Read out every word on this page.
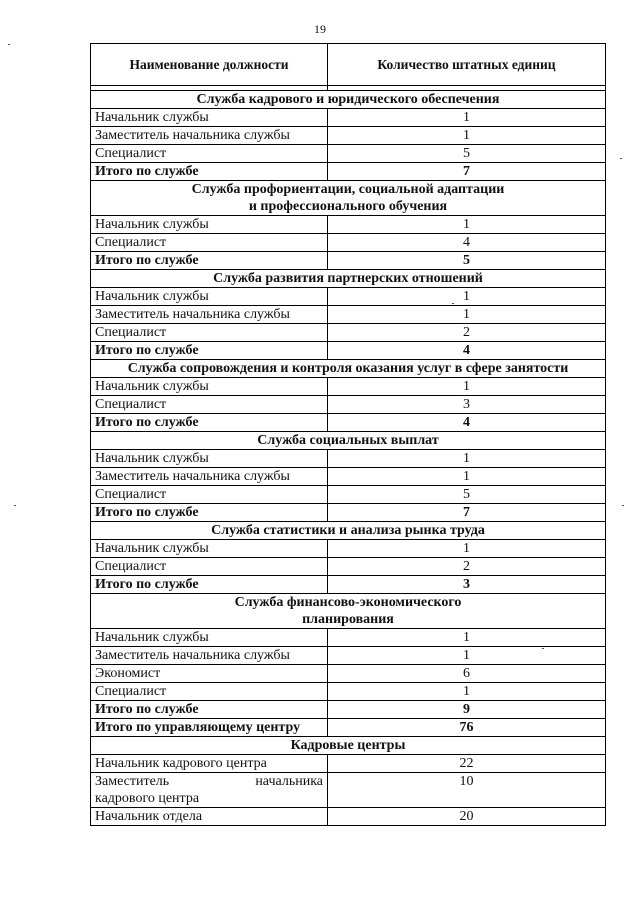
19
Наименование должности	Количество штатных единиц

Служба кадрового и юридического обеспечения	

Начальник службы	1
Заместитель начальника службы	1
Специалист	5
Итого по службе	7

Служба профориентации, социальной адаптации
и профессионального обучения	

Начальник службы	1
Специалист	4
Итого по службе	5

Служба развития партнерских отношений	

Начальник службы	1
Заместитель начальника службы	1
Специалист	2
Итого по службе	4

Служба сопровождения и контроля оказания услуг в сфере занятости	

Начальник службы	1
Специалист	3
Итого по службе	4

Служба социальных выплат	

Начальник службы	1
Заместитель начальника службы	1
Специалист	5
Итого по службе	7

Служба статистики и анализа рынка труда	

Начальник службы	1
Специалист	2
Итого по службе	3

Служба финансово-экономического
планирования	

Начальник службы	1
Заместитель начальника службы	1
Экономист	6
Специалист	1
Итого по службе	9
Итого по управляющему центру	76

Кадровые центры	

Начальник кадрового центра	22

Заместитель начальника
кадрового центра	10
Начальник отдела	20
